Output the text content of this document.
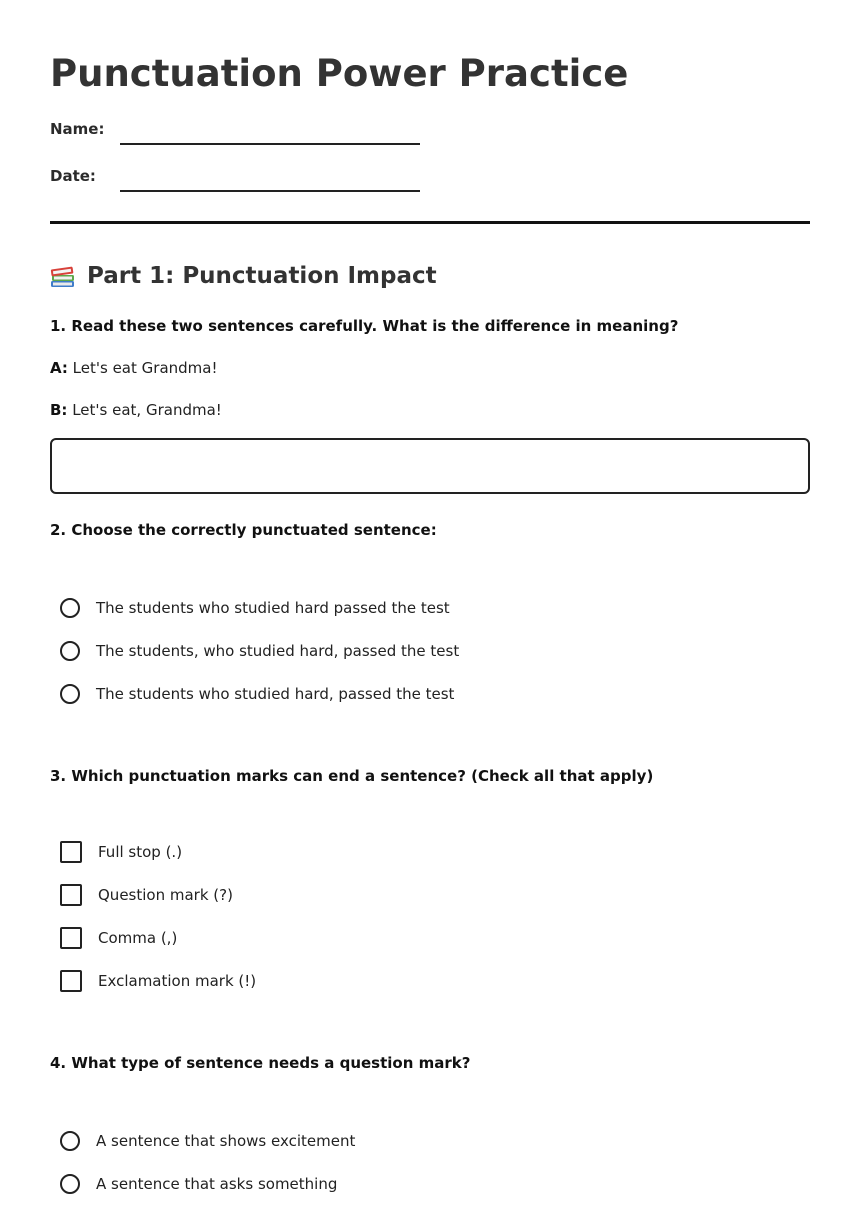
Punctuation Power Practice
Name:
Date:
Part 1: Punctuation Impact
1. Read these two sentences carefully. What is the difference in meaning?
A: Let's eat Grandma!
B: Let's eat, Grandma!
2. Choose the correctly punctuated sentence:
The students who studied hard passed the test
The students, who studied hard, passed the test
The students who studied hard, passed the test
3. Which punctuation marks can end a sentence? (Check all that apply)
Full stop (.)
Question mark (?)
Comma (,)
Exclamation mark (!)
4. What type of sentence needs a question mark?
A sentence that shows excitement
A sentence that asks something
